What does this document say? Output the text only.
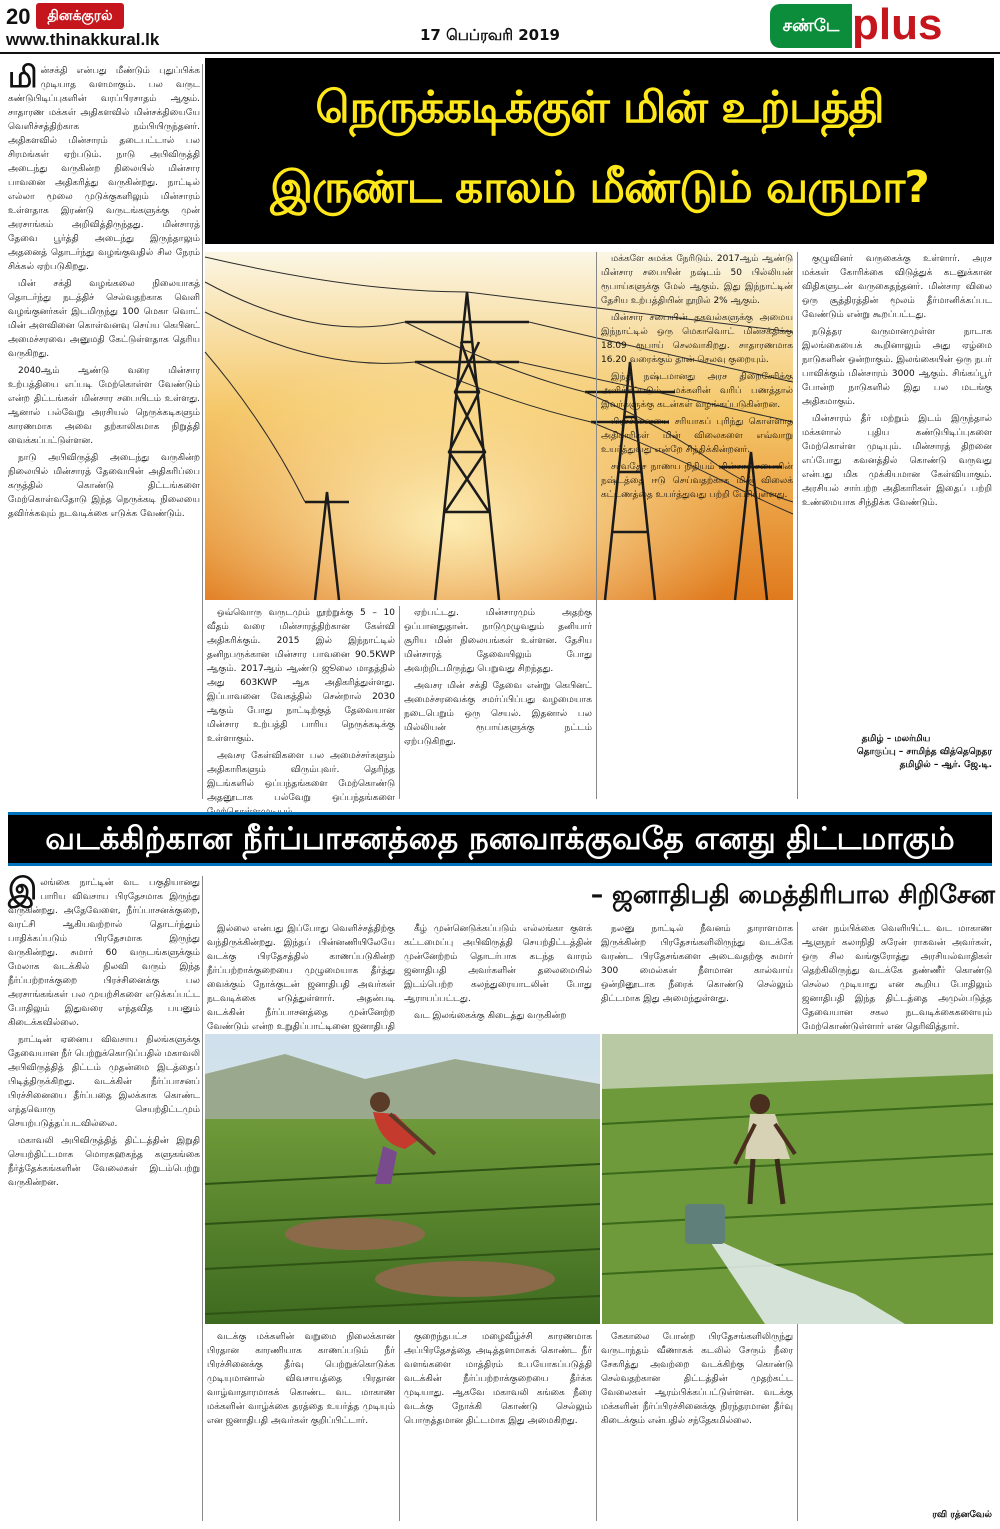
20	தினக்குரல்
www.thinakkural.lk	17 பெப்ரவரி 2019	சண்டே plus
நெருக்கடிக்குள் மின் உற்பத்தி
இருண்ட காலம் மீண்டும் வருமா?
மி ன்சக்தி என்பது மீண்டும் புதுப்பிக்க முடியாத வளமாகும். பல வருட கண்டுபிடிப்புகளின் வரப்பிரசாதம் ஆகும். சாதாரண மக்கள் அதிகளவில் மின்சக்தியையே வெளிச்சத்திற்காக நம்பியிருந்தனர். அதிகளவில் மின்சாரம் தடைபட்டால் பல சிரமங்கள் ஏற்படும். நாடு அபிவிருத்தி அடைந்து வருகின்ற நிலையில் மின்சார பாவனை அதிகரித்து வருகின்றது. நாட்டில் எல்லா மூலை முடுக்குகளிலும் மின்சாரம் உள்ளதாக இரண்டு வருடங்களுக்கு முன் அரசாங்கம் அறிவித்திருந்தது. மின்சாரத் தேவை பூர்த்தி அடைந்து இருந்தாலும் அதனைத் தொடர்ந்து வழங்குவதில் சில நேரம் சிக்கல் ஏற்படுகிறது.

மின் சக்தி வழங்கலை நிலையாகத் தொடர்ந்து நடத்திச் செல்வதற்காக வெளி வழங்குனர்கள் இடமிருந்து 100 மெகா வொட் மின் அளவினை கொள்வனவு செய்ய கெபினட் அமைச்சரவை அனுமதி கேட்டுள்ளதாக தெரிய வருகிறது.

2040ஆம் ஆண்டு வரை மின்சார உற்பத்தியை எப்படி மேற்கொள்ள வேண்டும் என்ற திட்டங்கள் மின்சார சபையிடம் உள்ளது. ஆனால் பல்வேறு அரசியல் நெருக்கடிகளும் காரணமாக அவை தற்காலிகமாக நிறுத்தி வைக்கப்பட்டுள்ளன.

நாடு அபிவிருத்தி அடைந்து வருகின்ற நிலையில் மின்சாரத் தேவையின் அதிகரிப்பை கருத்தில் கொண்டு திட்டங்களை மேற்கொள்வதோடு இந்த நெருக்கடி நிலையை தவிர்க்கவும் நடவடிக்கை எடுக்க வேண்டும்.

ஒவ்வொரு வருடமும் நூற்றுக்கு 5 – 10 வீதம் வரை மின்சாரத்திற்கான கேள்வி அதிகரிக்கும். 2015 இல் இந்நாட்டில் தனிநபருக்கான மின்சார பாவனை 90.5KWP ஆகும். 2017ஆம் ஆண்டு ஜூலை மாதத்தில் அது 603KWP ஆக அதிகரித்துள்ளது. இப்பாவனை வேகத்தில் சென்றால் 2030 ஆகும் போது நாட்டிற்குத் தேவையான மின்சார உற்பத்தி பாரிய நெருக்கடிக்கு உள்ளாகும்.

அவசர கேள்விகளை பல அமைச்சர்களும் அதிகாரிகளும் விரும்புவர். தெரிந்த இடங்களில் ஒப்பந்தங்களை மேற்கொண்டு அதனூடாக பல்வேறு ஒப்பந்தங்களை

ஏற்பட்டது. மின்சாரமும் அதற்கு ஒப்பானதுதான். நாடுமுழுவதும் தனியார் சூரிய மின் நிலையங்கள் உள்ளன. தேசிய மின்சாரத் தேவையிலும் போது அவற்றிடமிருந்து பெறுவது சிறந்தது.

அவசர மின் சக்தி தேவை என்று கெபினட் அமைச்சரவைக்கு சமர்ப்பிப்பது வழமையாக நடைபெறும் ஒரு செயல். இதனால் பல மில்லியன் ரூபாய்களுக்கு நட்டம் ஏற்படுகிறது.

மக்களே சுமக்க நேரிடும். 2017ஆம் ஆண்டு மின்சார சபையின் நஷ்டம் 50 பில்லியன் ரூபாய்களுக்கு மேல் ஆகும். இது இந்நாட்டின் தேசிய உற்பத்தியின் நூறில் 2% ஆகும்.

மின்சார சபையின் தகவல்களுக்கு அமைய இந்நாட்டில் ஒரு மெகாவொட் மின்சக்திக்கு 18.09 ரூபாய் செலவாகிறது. சாதாரணமாக 16.20 வரைக்கும் தான் செலவு குறையும்.

இந்த நஷ்டமானது அரச திறைசேரிக்கு அளிக்கப்படும். மக்களின் வரிப் பணத்தால் இவர்களுக்கு கடன்கள் வழங்கப்படுகின்றன.

பிரச்சினையை சரியாகப் புரிந்து கொள்ளாத அதிகாரிகள் மின் விலைகளை எவ்வாறு உயர்த்துவது என்றே சிந்திக்கின்றனர்.

சர்வதேச நாணய நிதியம் மின்சார சபையின் நஷ்டத்தை ஈடு செய்வதற்காக மின் விலைக் கட்டணத்தை உயர்த்துவது பற்றி பேசியுள்ளது.

குழுவினர் வருகைக்கு உள்ளார். அரச மக்கள் கோரிக்கை விடுத்துக் கடனுக்கான விதிகளுடன் வருகைதந்தனர். மின்சார விலை ஒரு சூத்திரத்தின் மூலம் தீர்மானிக்கப்பட வேண்டும் என்று கூறப்பட்டது.

நடுத்தர வருமானமுள்ள நாடாக இலங்கையைக் கூறினாலும் அது ஏழ்மை நாடுகளின் ஒன்றாகும். இலங்கையின் ஒரு நபர் பாவிக்கும் மின்சாரம் 3000 ஆகும். சிங்கப்பூர் போன்ற நாடுகளில் இது பல மடங்கு அதிகமாகும்.

மின்சாரம் தீர் மற்றும் இடம் இருந்தால் மக்களால் புதிய கண்டுபிடிப்புகளை மேற்கொள்ள முடியும். மின்சாரத் திறனை எப்போது கவனத்தில் கொண்டு வருவது என்பது மிக முக்கியமான கேள்வியாகும். அரசியல் சார்பற்ற அதிகாரிகள் இதைப் பற்றி உண்மையாக சிந்திக்க வேண்டும்.

தமிழ் – மலர்மிய
தொகுப்பு – சாமிந்த வித்தெநெதர
தமிழில் – ஆர். ஜே.டி.
வடக்கிற்கான நீர்ப்பாசனத்தை நனவாக்குவதே எனது திட்டமாகும்
– ஜனாதிபதி மைத்திரிபால சிறிசேன
இ லங்கை நாட்டின் வட பகுதியானது பாரிய விவசாய பிரதேசமாக இருந்து வருகின்றது. அதேவேளை, நீர்ப்பாசனக்குறை, வரட்சி ஆகியவற்றால் தொடர்ந்தும் பாதிக்கப்படும் பிரதேசமாக இருந்து வருகின்றது. சுமார் 60 வருடங்களுக்கும் மேலாக வடக்கில் நிலவி வரும் இந்த நீர்ப்பற்றாக்குறை பிரச்சினைக்கு பல அரசாங்கங்கள் பல முயற்சிகளை எடுக்கப்பட்ட போதிலும் இதுவரை எந்தவித பயனும் கிடைக்கவில்லை.

நாட்டின் ஏனைய விவசாய நிலங்களுக்கு தேவையான நீர் பெற்றுக்கொடுப்பதில் மகாவலி அபிவிருத்தித் திட்டம் முதன்மை இடத்தைப் பிடித்திருக்கிறது. வடக்கின் நீர்ப்பாசனப் பிரச்சினையை தீர்ப்பதை இலக்காக கொண்ட எந்தவொரு செயற்திட்டமும் செயற்படுத்தப்படவில்லை.

மகாவலி அபிவிருத்தித் திட்டத்தின் இறுதி செயற்திட்டமாக மொரகஹகந்த களுகங்கை நீர்த்தேக்கங்களின் வேலைகள் இடம்பெற்று வருகின்றன.

இல்லை என்பது இப்போது வெளிச்சத்திற்கு வந்திருக்கின்றது. இந்தப் பின்னணியிலேயே வடக்கு பிரதேசத்தில் காணப்படுகின்ற நீர்ப்பற்றாக்குறையை முழுமையாக தீர்த்து வைக்கும் நோக்குடன் ஜனாதிபதி அவர்கள் நடவடிக்கை எடுத்துள்ளார். அதன்படி வடக்கின் நீர்ப்பாசனத்தை முன்னேற்ற வேண்டும் என்ற உறுதிப்பாட்டினை ஜனாதிபதி

கீழ் முன்னெடுக்கப்படும் எல்லங்கா குளக் கட்டமைப்பு அபிவிருத்தி செயற்திட்டத்தின் முன்னேற்றம் தொடர்பாக கடந்த வாரம் ஜனாதிபதி அவர்களின் தலைமையில் இடம்பெற்ற கலந்துரையாடலின் போது ஆராயப்பட்டது.

வட இலங்கைக்கு கிடைத்து வருகின்ற

நலனு நாட்டில் நீவனம் தாராளமாக இருக்கின்ற பிரதேசங்களிலிருந்து வடக்கே வரண்ட பிரதேசங்களை அடைவதற்கு சுமார் 300 மைல்கள் நீளமான கால்வாய் ஒன்றினூடாக நீரைக் கொண்டு செல்லும் திட்டமாக இது அமைந்துள்ளது.

என நம்பிக்கை வெளியிட்ட வட மாகாண ஆளுநர் கலாநிதி சுரேன் ராகவன் அவர்கள், ஒரு சில வங்குரோத்து அரசியல்வாதிகள் தெற்கிலிருந்து வடக்கே தண்ணீர் கொண்டு செல்ல முடியாது என கூறிய போதிலும் ஜனாதிபதி இந்த திட்டத்தை அமுல்படுத்த தேவையான சகல நடவடிக்கைகளையும் மேற்கொண்டுள்ளார் என தெரிவித்தார்.

வடக்கு மக்களின் வறுமை நிலைக்கான பிரதான காரணியாக காணப்படும் நீர் பிரச்சினைக்கு தீர்வு பெற்றுக்கொடுக்க முடியுமானால் விவசாயத்தை பிரதான வாழ்வாதாரமாகக் கொண்ட வட மாகாண மக்களின் வாழ்க்கை தரத்தை உயர்த்த முடியும் என ஜனாதிபதி அவர்கள் குறிப்பிட்டார்.

குறைந்தபட்ச மழைவீழ்ச்சி காரணமாக அப்பிரதேசத்தை அடித்தளமாகக் கொண்ட நீர் வளங்களை மாத்திரம் உபயோகப்படுத்தி வடக்கின் நீர்ப்பற்றாக்குறையை தீர்க்க முடியாது. ஆகவே மகாவலி கங்கை நீரை வடக்கு நோக்கி கொண்டு செல்லும் பொருத்தமான திட்டமாக இது அமைகிறது.

கேகாலை போன்ற பிரதேசங்களிலிருந்து வருடாந்தம் வீணாகக் கடலில் சேரும் நீரை சேகரித்து அவற்றை வடக்கிற்கு கொண்டு செல்வதற்கான திட்டத்தின் முதற்கட்ட வேலைகள் ஆரம்பிக்கப்பட்டுள்ளன. வடக்கு மக்களின் நீர்ப்பிரச்சினைக்கு நிரந்தரமான தீர்வு கிடைக்கும் என்பதில் சந்தேகமில்லை.

ரவி ரத்னவேல்
